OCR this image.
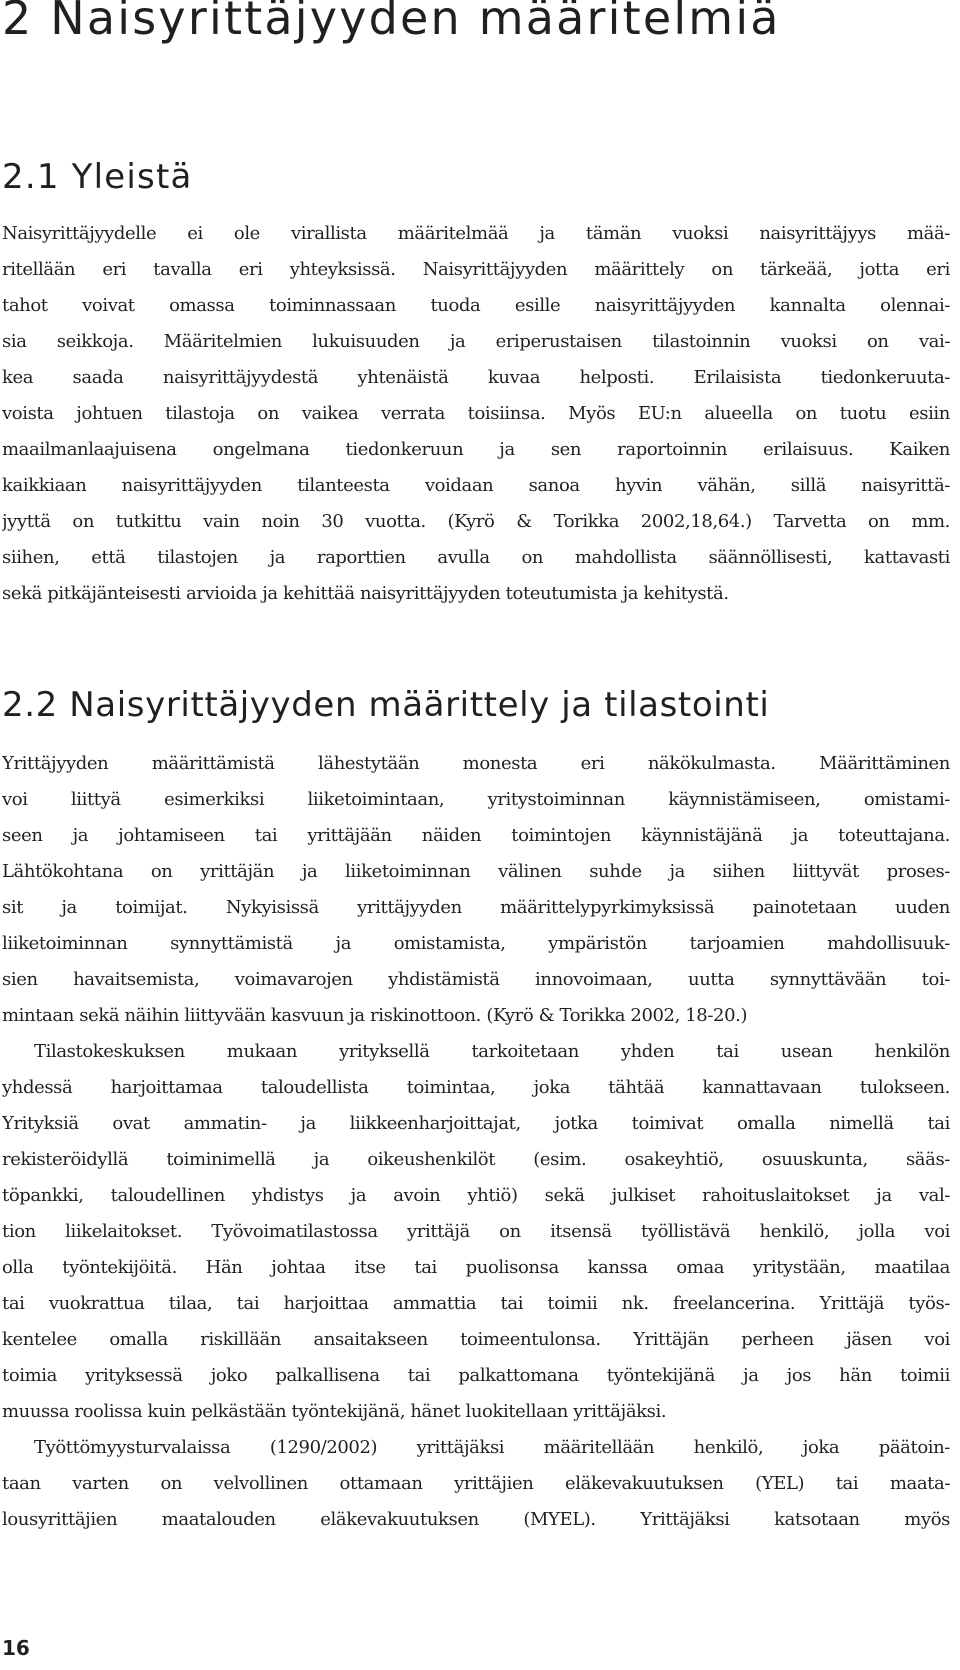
2 Naisyrittäjyyden määritelmiä
2.1 Yleistä
Naisyrittäjyydelle ei ole virallista määritelmää ja tämän vuoksi naisyrittäjyys mää-
ritellään eri tavalla eri yhteyksissä. Naisyrittäjyyden määrittely on tärkeää, jotta eri
tahot voivat omassa toiminnassaan tuoda esille naisyrittäjyyden kannalta olennai-
sia seikkoja. Määritelmien lukuisuuden ja eriperustaisen tilastoinnin vuoksi on vai-
kea saada naisyrittäjyydestä yhtenäistä kuvaa helposti. Erilaisista tiedonkeruuta-
voista johtuen tilastoja on vaikea verrata toisiinsa. Myös EU:n alueella on tuotu esiin
maailmanlaajuisena ongelmana tiedonkeruun ja sen raportoinnin erilaisuus. Kaiken
kaikkiaan naisyrittäjyyden tilanteesta voidaan sanoa hyvin vähän, sillä naisyrittä-
jyyttä on tutkittu vain noin 30 vuotta. (Kyrö & Torikka 2002,18,64.) Tarvetta on mm.
siihen, että tilastojen ja raporttien avulla on mahdollista säännöllisesti, kattavasti
sekä pitkäjänteisesti arvioida ja kehittää naisyrittäjyyden toteutumista ja kehitystä.
2.2 Naisyrittäjyyden määrittely ja tilastointi
Yrittäjyyden määrittämistä lähestytään monesta eri näkökulmasta. Määrittäminen
voi liittyä esimerkiksi liiketoimintaan, yritystoiminnan käynnistämiseen, omistami-
seen ja johtamiseen tai yrittäjään näiden toimintojen käynnistäjänä ja toteuttajana.
Lähtökohtana on yrittäjän ja liiketoiminnan välinen suhde ja siihen liittyvät proses-
sit ja toimijat. Nykyisissä yrittäjyyden määrittelypyrkimyksissä painotetaan uuden
liiketoiminnan synnyttämistä ja omistamista, ympäristön tarjoamien mahdollisuuk-
sien havaitsemista, voimavarojen yhdistämistä innovoimaan, uutta synnyttävään toi-
mintaan sekä näihin liittyvään kasvuun ja riskinottoon. (Kyrö & Torikka 2002, 18-20.)
Tilastokeskuksen mukaan yrityksellä tarkoitetaan yhden tai usean henkilön
yhdessä harjoittamaa taloudellista toimintaa, joka tähtää kannattavaan tulokseen.
Yrityksiä ovat ammatin- ja liikkeenharjoittajat, jotka toimivat omalla nimellä tai
rekisteröidyllä toiminimellä ja oikeushenkilöt (esim. osakeyhtiö, osuuskunta, sääs-
töpankki, taloudellinen yhdistys ja avoin yhtiö) sekä julkiset rahoituslaitokset ja val-
tion liikelaitokset. Työvoimatilastossa yrittäjä on itsensä työllistävä henkilö, jolla voi
olla työntekijöitä. Hän johtaa itse tai puolisonsa kanssa omaa yritystään, maatilaa
tai vuokrattua tilaa, tai harjoittaa ammattia tai toimii nk. freelancerina. Yrittäjä työs-
kentelee omalla riskillään ansaitakseen toimeentulonsa. Yrittäjän perheen jäsen voi
toimia yrityksessä joko palkallisena tai palkattomana työntekijänä ja jos hän toimii
muussa roolissa kuin pelkästään työntekijänä, hänet luokitellaan yrittäjäksi.
Työttömyysturvalaissa (1290/2002) yrittäjäksi määritellään henkilö, joka päätoin-
taan varten on velvollinen ottamaan yrittäjien eläkevakuutuksen (YEL) tai maata-
lousyrittäjien maatalouden eläkevakuutuksen (MYEL). Yrittäjäksi katsotaan myös
16
